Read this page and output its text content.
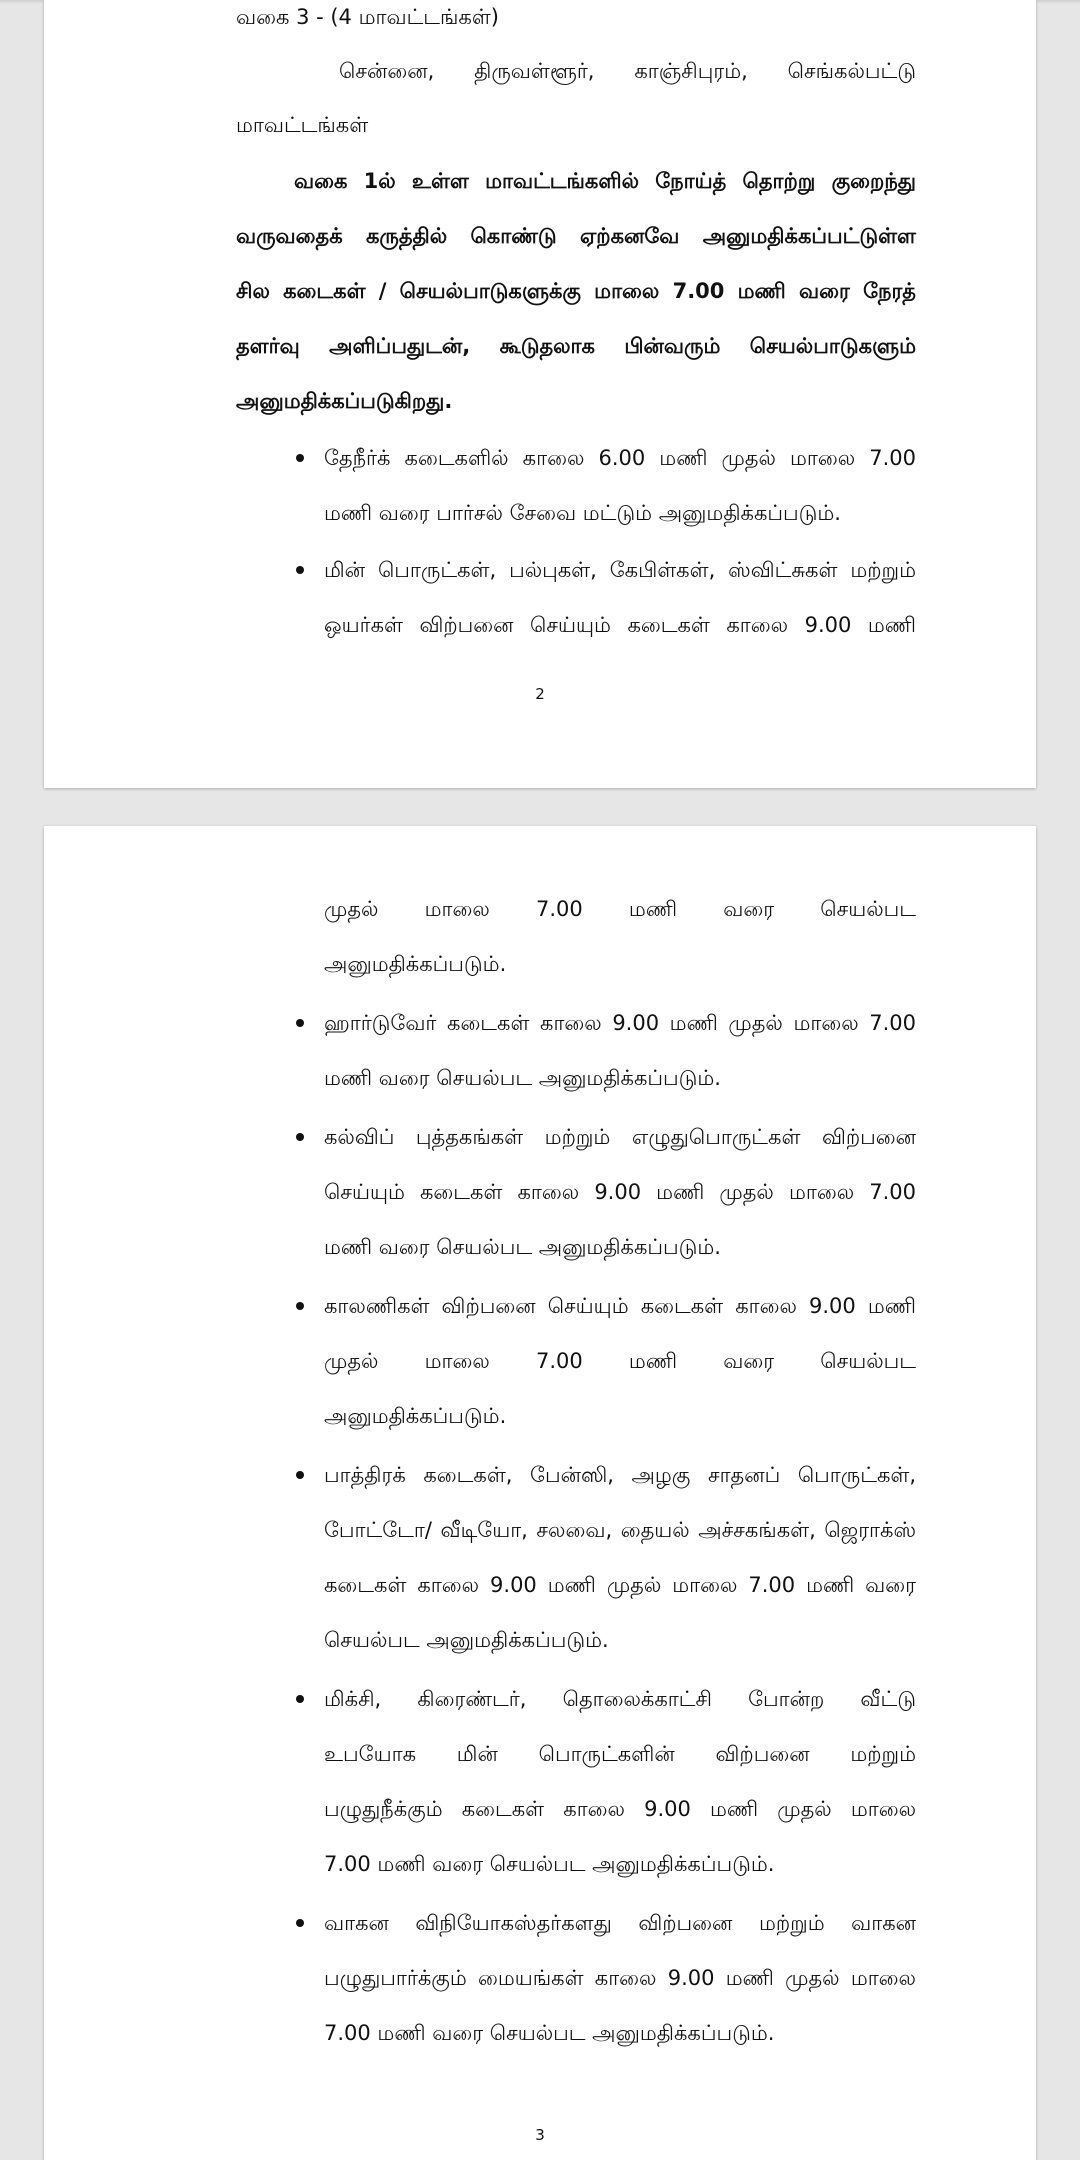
வகை 3 - (4 மாவட்டங்கள்)
சென்னை, திருவள்ளூர், காஞ்சிபுரம், செங்கல்பட்டு
மாவட்டங்கள்
வகை 1ல் உள்ள மாவட்டங்களில் நோய்த் தொற்று குறைந்து
வருவதைக் கருத்தில் கொண்டு ஏற்கனவே அனுமதிக்கப்பட்டுள்ள
சில கடைகள் / செயல்பாடுகளுக்கு மாலை 7.00 மணி வரை நேரத்
தளர்வு அளிப்பதுடன், கூடுதலாக பின்வரும் செயல்பாடுகளும்
அனுமதிக்கப்படுகிறது.
தேநீர்க் கடைகளில் காலை 6.00 மணி முதல் மாலை 7.00
மணி வரை பார்சல் சேவை மட்டும் அனுமதிக்கப்படும்.
மின் பொருட்கள், பல்புகள், கேபிள்கள், ஸ்விட்சுகள் மற்றும்
ஒயர்கள் விற்பனை செய்யும் கடைகள் காலை 9.00 மணி
2
முதல் மாலை 7.00 மணி வரை செயல்பட
அனுமதிக்கப்படும்.
ஹார்டுவேர் கடைகள் காலை 9.00 மணி முதல் மாலை 7.00
மணி வரை செயல்பட அனுமதிக்கப்படும்.
கல்விப் புத்தகங்கள் மற்றும் எழுதுபொருட்கள் விற்பனை
செய்யும் கடைகள் காலை 9.00 மணி முதல் மாலை 7.00
மணி வரை செயல்பட அனுமதிக்கப்படும்.
காலணிகள் விற்பனை செய்யும் கடைகள் காலை 9.00 மணி
முதல் மாலை 7.00 மணி வரை செயல்பட
அனுமதிக்கப்படும்.
பாத்திரக் கடைகள், பேன்ஸி, அழகு சாதனப் பொருட்கள்,
போட்டோ/ வீடியோ, சலவை, தையல் அச்சகங்கள், ஜெராக்ஸ்
கடைகள் காலை 9.00 மணி முதல் மாலை 7.00 மணி வரை
செயல்பட அனுமதிக்கப்படும்.
மிக்சி, கிரைண்டர், தொலைக்காட்சி போன்ற வீட்டு
உபயோக மின் பொருட்களின் விற்பனை மற்றும்
பழுதுநீக்கும் கடைகள் காலை 9.00 மணி முதல் மாலை
7.00 மணி வரை செயல்பட அனுமதிக்கப்படும்.
வாகன விநியோகஸ்தர்களது விற்பனை மற்றும் வாகன
பழுதுபார்க்கும் மையங்கள் காலை 9.00 மணி முதல் மாலை
7.00 மணி வரை செயல்பட அனுமதிக்கப்படும்.
3
